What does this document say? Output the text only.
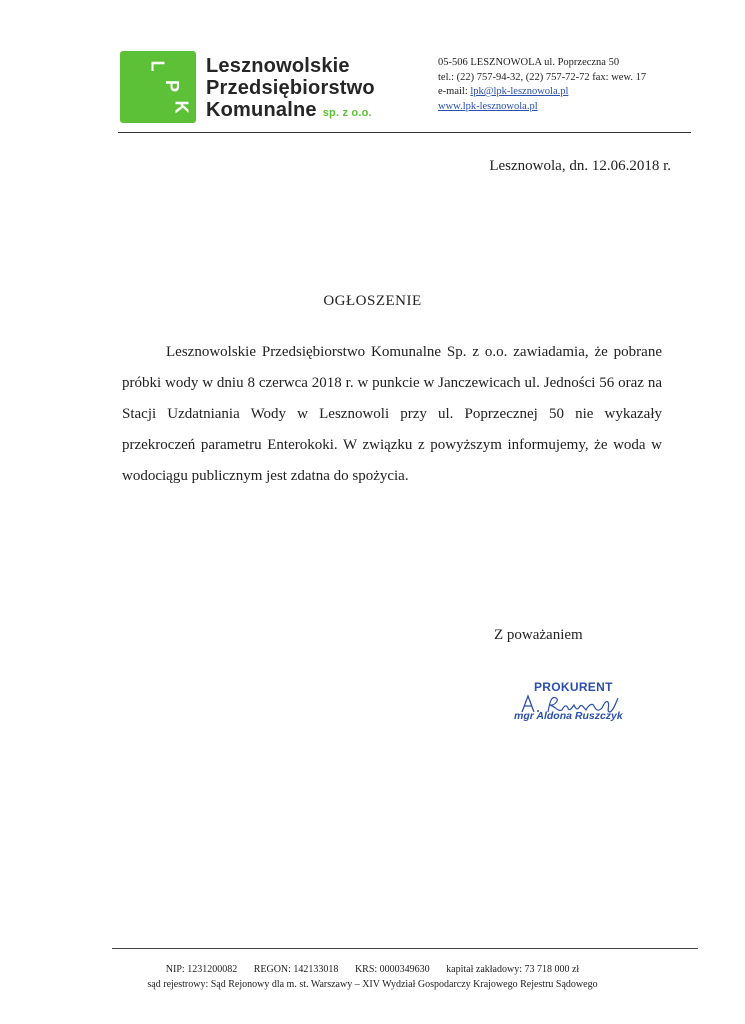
L
P
K
Lesznowolskie
Przedsiębiorstwo
Komunalne sp. z o.o.
05-506 LESZNOWOLA ul. Poprzeczna 50
tel.: (22) 757-94-32, (22) 757-72-72 fax: wew. 17
e-mail: lpk@lpk-lesznowola.pl
www.lpk-lesznowola.pl
Lesznowola, dn. 12.06.2018 r.
OGŁOSZENIE

Lesznowolskie Przedsiębiorstwo Komunalne Sp. z o.o. zawiadamia, że pobrane próbki wody w dniu 8 czerwca 2018 r. w punkcie w Janczewicach ul. Jedności 56 oraz na Stacji Uzdatniania Wody w Lesznowoli przy ul. Poprzecznej 50 nie wykazały przekroczeń parametru Enterokoki. W związku z powyższym informujemy, że woda w wodociągu publicznym jest zdatna do spożycia.

Z poważaniem
PROKURENT
mgr Aldona Ruszczyk
NIP: 1231200082 REGON: 142133018 KRS: 0000349630 kapitał zakładowy: 73 718 000 zł
sąd rejestrowy: Sąd Rejonowy dla m. st. Warszawy – XIV Wydział Gospodarczy Krajowego Rejestru Sądowego
